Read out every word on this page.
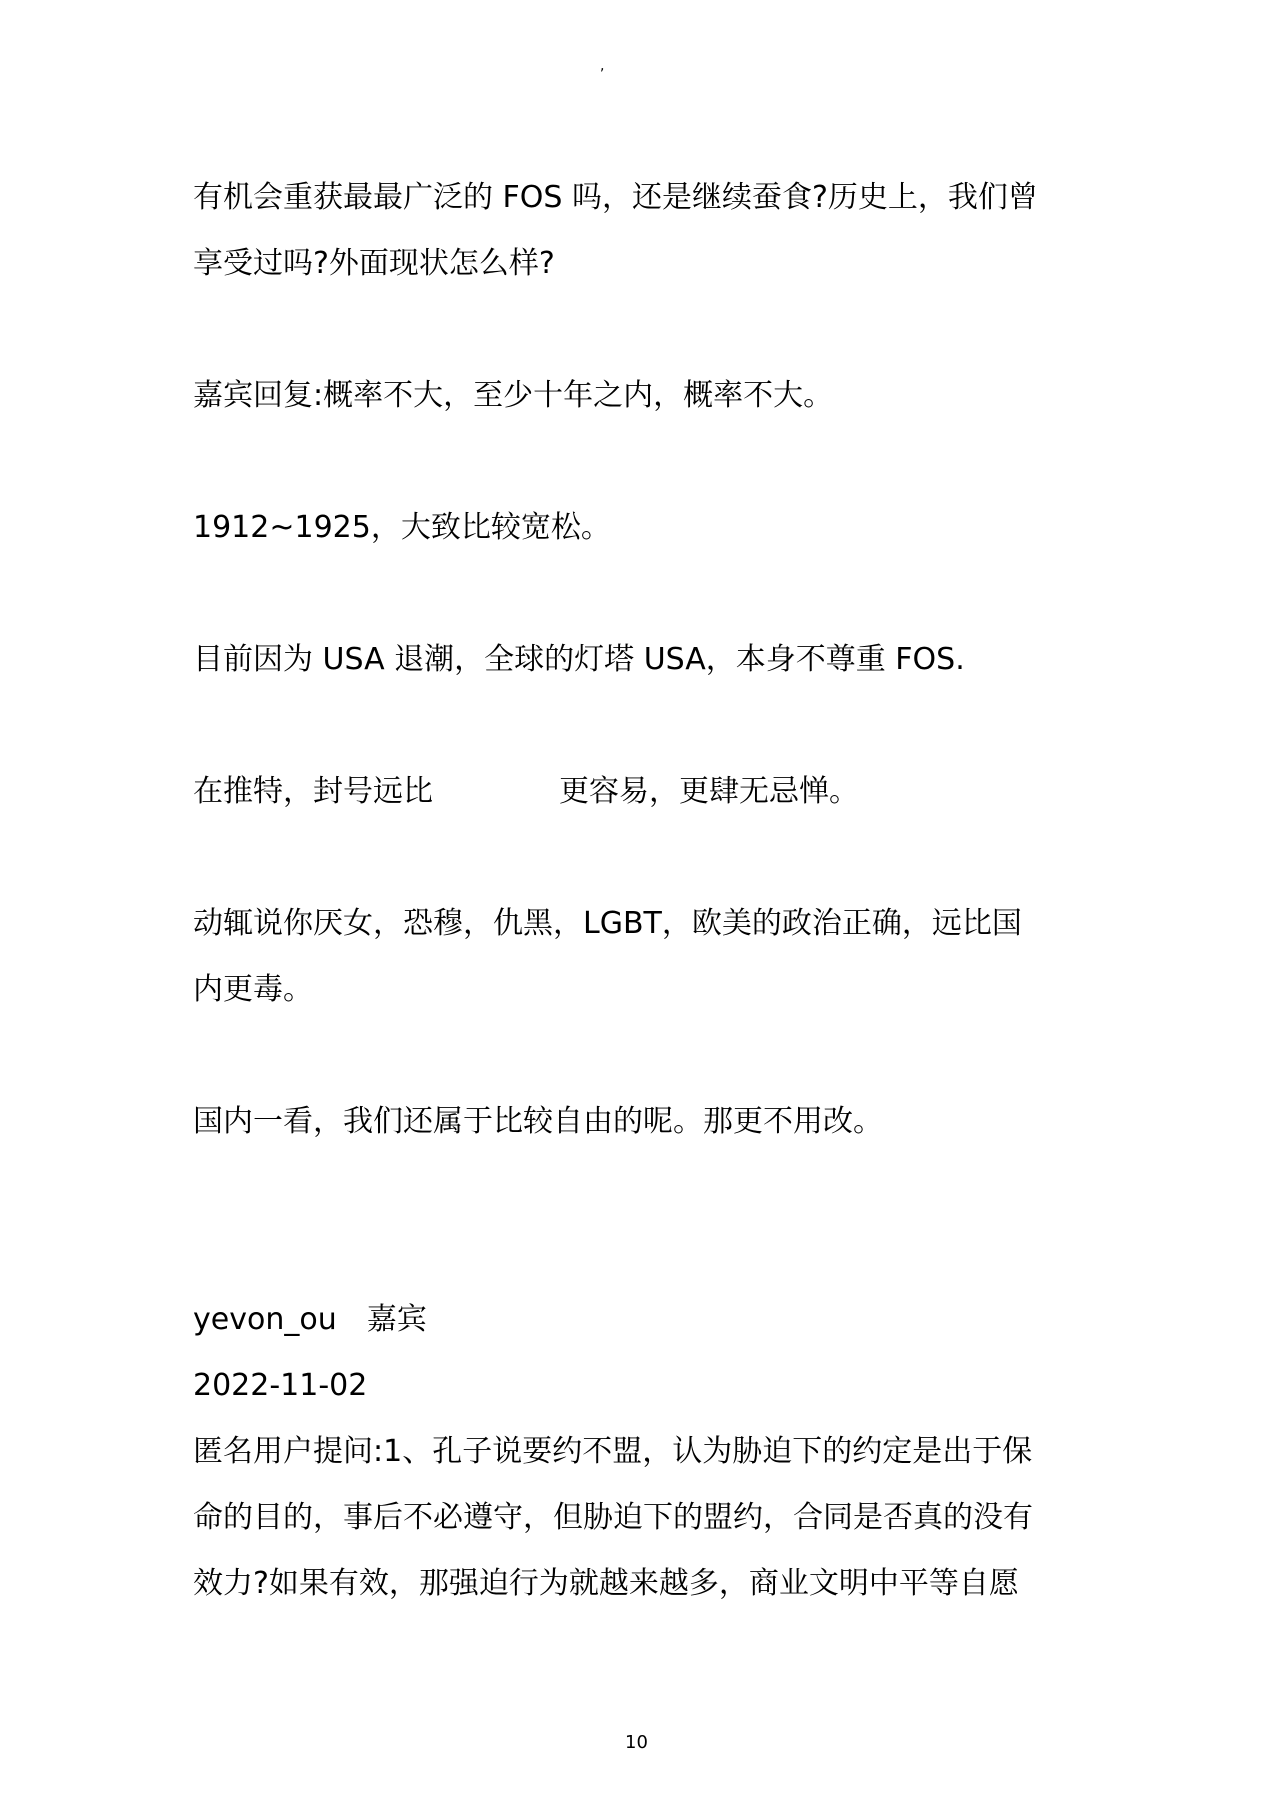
,

有机会重获最最广泛的 FOS 吗，还是继续蚕食?历史上，我们曾

享受过吗?外面现状怎么样?

嘉宾回复:概率不大，至少十年之内，概率不大。

1912~1925，大致比较宽松。

目前因为 USA 退潮，全球的灯塔 USA，本身不尊重 FOS.

在推特，封号远比	更容易，更肆无忌惮。

动辄说你厌女，恐穆，仇黑，LGBT，欧美的政治正确，远比国

内更毒。

国内一看，我们还属于比较自由的呢。那更不用改。

yevon_ou　嘉宾

2022-11-02

匿名用户提问:1、孔子说要约不盟，认为胁迫下的约定是出于保

命的目的，事后不必遵守，但胁迫下的盟约，合同是否真的没有

效力?如果有效，那强迫行为就越来越多，商业文明中平等自愿

10
